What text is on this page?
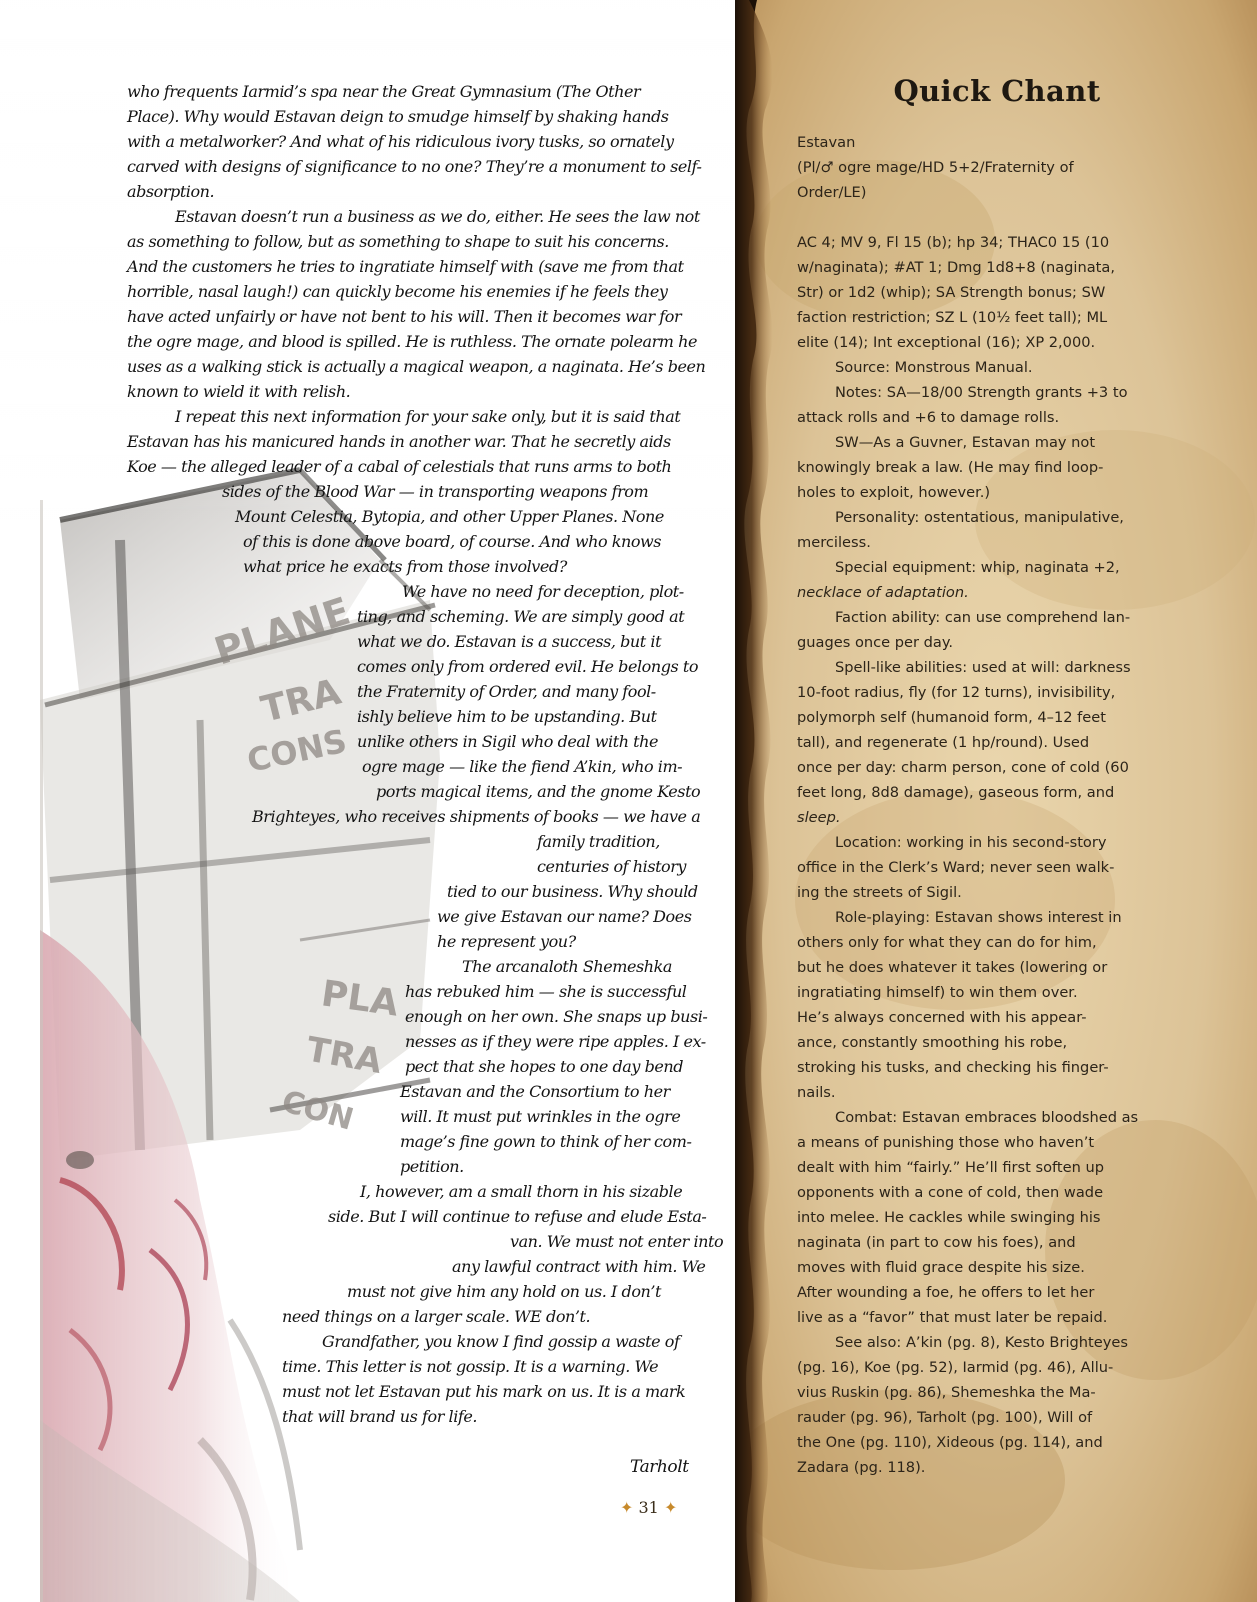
PLANE
TRA
CONS
PLA
TRA
CON
who frequents Iarmid’s spa near the Great Gymnasium (The Other
Place). Why would Estavan deign to smudge himself by shaking hands
with a metalworker? And what of his ridiculous ivory tusks, so ornately
carved with designs of significance to no one? They’re a monument to self-
absorption.
Estavan doesn’t run a business as we do, either. He sees the law not
as something to follow, but as something to shape to suit his concerns.
And the customers he tries to ingratiate himself with (save me from that
horrible, nasal laugh!) can quickly become his enemies if he feels they
have acted unfairly or have not bent to his will. Then it becomes war for
the ogre mage, and blood is spilled. He is ruthless. The ornate polearm he
uses as a walking stick is actually a magical weapon, a naginata. He’s been
known to wield it with relish.
I repeat this next information for your sake only, but it is said that
Estavan has his manicured hands in another war. That he secretly aids
Koe — the alleged leader of a cabal of celestials that runs arms to both
sides of the Blood War — in transporting weapons from
Mount Celestia, Bytopia, and other Upper Planes. None
of this is done above board, of course. And who knows
what price he exacts from those involved?
We have no need for deception, plot-
ting, and scheming. We are simply good at
what we do. Estavan is a success, but it
comes only from ordered evil. He belongs to
the Fraternity of Order, and many fool-
ishly believe him to be upstanding. But
unlike others in Sigil who deal with the
ogre mage — like the fiend A’kin, who im-
ports magical items, and the gnome Kesto
Brighteyes, who receives shipments of books — we have a
family tradition,
centuries of history
tied to our business. Why should
we give Estavan our name? Does
he represent you?
The arcanaloth Shemeshka
has rebuked him — she is successful
enough on her own. She snaps up busi-
nesses as if they were ripe apples. I ex-
pect that she hopes to one day bend
Estavan and the Consortium to her
will. It must put wrinkles in the ogre
mage’s fine gown to think of her com-
petition.
I, however, am a small thorn in his sizable
side. But I will continue to refuse and elude Esta-
van. We must not enter into
any lawful contract with him. We
must not give him any hold on us. I don’t
need things on a larger scale. WE don’t.
Grandfather, you know I find gossip a waste of
time. This letter is not gossip. It is a warning. We
must not let Estavan put his mark on us. It is a mark
that will brand us for life.
Tarholt
✦ 31 ✦
Quick Chant
Estavan
(Pl/♂ ogre mage/HD 5+2/Fraternity of
Order/LE)
AC 4; MV 9, Fl 15 (b); hp 34; THAC0 15 (10
w/naginata); #AT 1; Dmg 1d8+8 (naginata,
Str) or 1d2 (whip); SA Strength bonus; SW
faction restriction; SZ L (10½ feet tall); ML
elite (14); Int exceptional (16); XP 2,000.
Source: Monstrous Manual.
Notes: SA—18/00 Strength grants +3 to
attack rolls and +6 to damage rolls.
SW—As a Guvner, Estavan may not
knowingly break a law. (He may find loop-
holes to exploit, however.)
Personality: ostentatious, manipulative,
merciless.
Special equipment: whip, naginata +2,
necklace of adaptation.
Faction ability: can use comprehend lan-
guages once per day.
Spell-like abilities: used at will: darkness
10-foot radius, fly (for 12 turns), invisibility,
polymorph self (humanoid form, 4–12 feet
tall), and regenerate (1 hp/round). Used
once per day: charm person, cone of cold (60
feet long, 8d8 damage), gaseous form, and
sleep.
Location: working in his second-story
office in the Clerk’s Ward; never seen walk-
ing the streets of Sigil.
Role-playing: Estavan shows interest in
others only for what they can do for him,
but he does whatever it takes (lowering or
ingratiating himself) to win them over.
He’s always concerned with his appear-
ance, constantly smoothing his robe,
stroking his tusks, and checking his finger-
nails.
Combat: Estavan embraces bloodshed as
a means of punishing those who haven’t
dealt with him “fairly.” He’ll first soften up
opponents with a cone of cold, then wade
into melee. He cackles while swinging his
naginata (in part to cow his foes), and
moves with fluid grace despite his size.
After wounding a foe, he offers to let her
live as a “favor” that must later be repaid.
See also: A’kin (pg. 8), Kesto Brighteyes
(pg. 16), Koe (pg. 52), Iarmid (pg. 46), Allu-
vius Ruskin (pg. 86), Shemeshka the Ma-
rauder (pg. 96), Tarholt (pg. 100), Will of
the One (pg. 110), Xideous (pg. 114), and
Zadara (pg. 118).
